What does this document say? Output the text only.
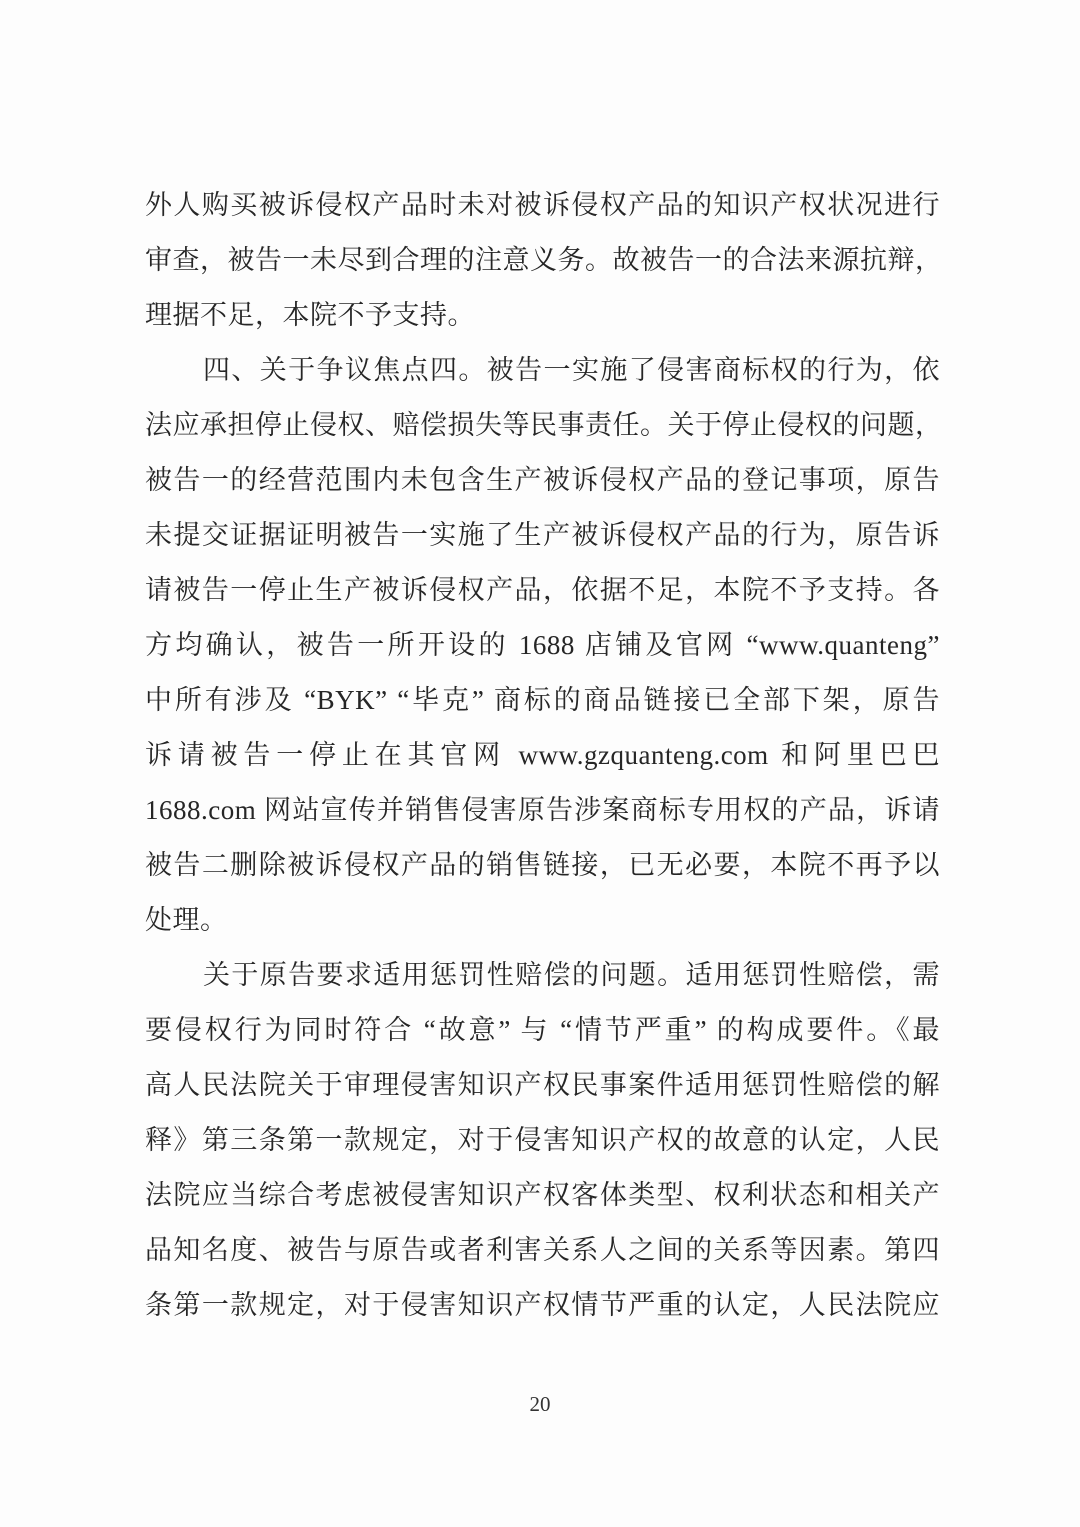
外人购买被诉侵权产品时未对被诉侵权产品的知识产权状况进行
审查，被告一未尽到合理的注意义务。故被告一的合法来源抗辩，
理据不足，本院不予支持。
四、关于争议焦点四。被告一实施了侵害商标权的行为，依
法应承担停止侵权、赔偿损失等民事责任。关于停止侵权的问题，
被告一的经营范围内未包含生产被诉侵权产品的登记事项，原告
未提交证据证明被告一实施了生产被诉侵权产品的行为，原告诉
请被告一停止生产被诉侵权产品，依据不足，本院不予支持。各
方均确认，被告一所开设的 1688 店铺及官网 “www.quanteng”
中所有涉及 “BYK” “毕克” 商标的商品链接已全部下架，原告
诉请被告一停止在其官网 www.gzquanteng.com 和阿里巴巴
1688.com 网站宣传并销售侵害原告涉案商标专用权的产品，诉请
被告二删除被诉侵权产品的销售链接，已无必要，本院不再予以
处理。
关于原告要求适用惩罚性赔偿的问题。适用惩罚性赔偿，需
要侵权行为同时符合 “故意” 与 “情节严重” 的构成要件。《最
高人民法院关于审理侵害知识产权民事案件适用惩罚性赔偿的解
释》第三条第一款规定，对于侵害知识产权的故意的认定，人民
法院应当综合考虑被侵害知识产权客体类型、权利状态和相关产
品知名度、被告与原告或者利害关系人之间的关系等因素。第四
条第一款规定，对于侵害知识产权情节严重的认定，人民法院应
20
